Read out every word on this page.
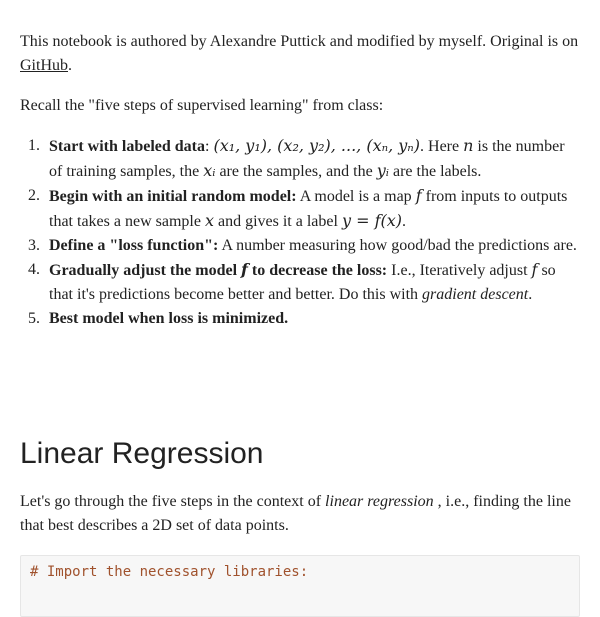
This notebook is authored by Alexandre Puttick and modified by myself. Original is on GitHub.

Recall the "five steps of supervised learning" from class:

1. Start with labeled data: (x₁, y₁), (x₂, y₂), ..., (xₙ, yₙ). Here n is the number of training samples, the xᵢ are the samples, and the yᵢ are the labels.
2. Begin with an initial random model: A model is a map f from inputs to outputs that takes a new sample x and gives it a label y = f(x).
3. Define a "loss function": A number measuring how good/bad the predictions are.
4. Gradually adjust the model f to decrease the loss: I.e., Iteratively adjust f so that it's predictions become better and better. Do this with gradient descent.
5. Best model when loss is minimized.
Linear Regression

Let's go through the five steps in the context of linear regression , i.e., finding the line that best describes a 2D set of data points.

# Import the necessary libraries:
